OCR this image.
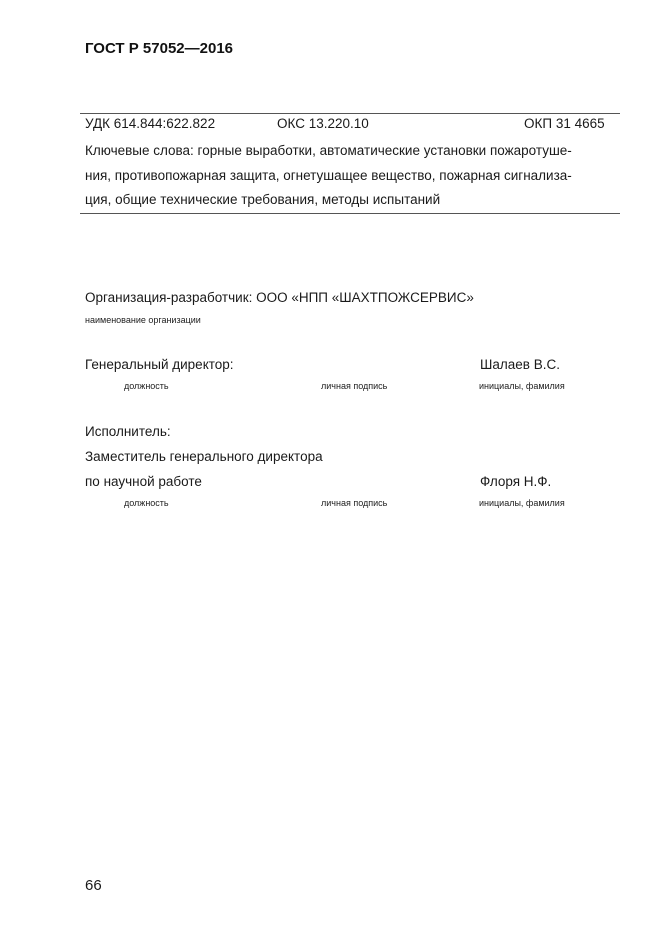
ГОСТ Р 57052—2016
УДК 614.844:622.822	ОКС 13.220.10	ОКП 31 4665
Ключевые слова: горные выработки, автоматические установки пожаротуше-
ния, противопожарная защита, огнетушащее вещество, пожарная сигнализа-
ция, общие технические требования, методы испытаний
Организация-разработчик: ООО «НПП «ШАХТПОЖСЕРВИС»
наименование организации
Генеральный директор:	Шалаев В.С.
должность	личная подпись	инициалы, фамилия
Исполнитель:
Заместитель генерального директора
по научной работе	Флоря Н.Ф.
должность	личная подпись	инициалы, фамилия
66
